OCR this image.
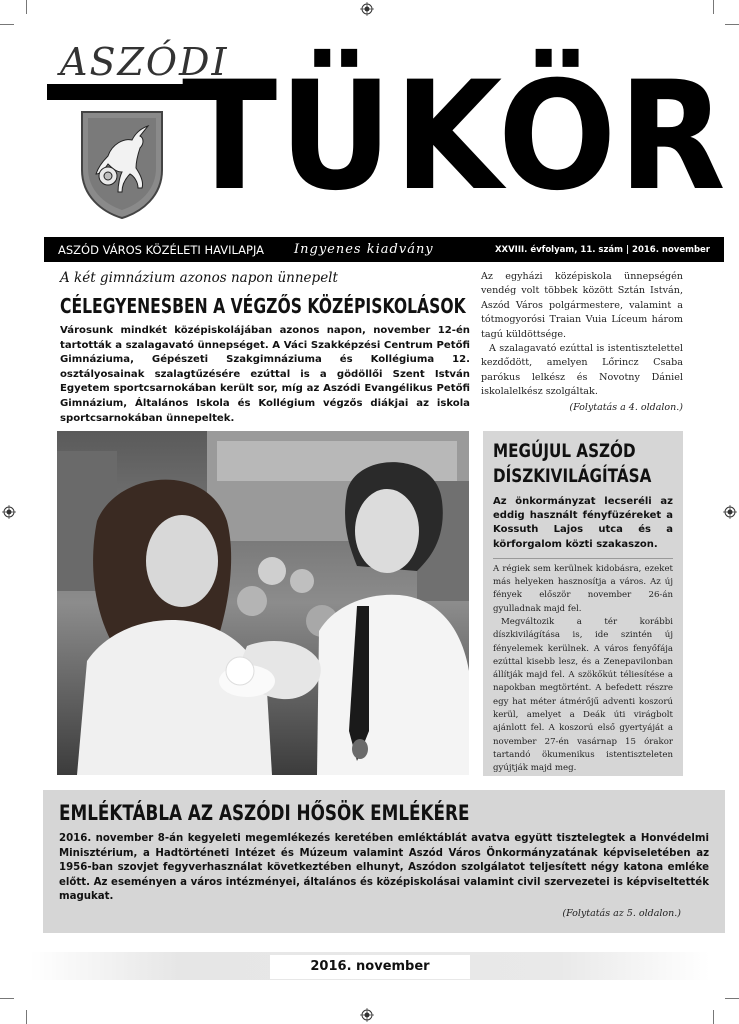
ASZÓDI
TÜKÖR
ASZÓD VÁROS KÖZÉLETI HAVILAPJA	Ingyenes kiadvány	XXVIII. évfolyam, 11. szám | 2016. november
A két gimnázium azonos napon ünnepelt
CÉLEGYENESBEN A VÉGZŐS KÖZÉPISKOLÁSOK
Városunk mindkét középiskolájában azonos napon, november 12-én tartották a szalagavató ünnepséget. A Váci Szakképzési Centrum Petőfi Gimnáziuma, Gépészeti Szakgimnáziuma és Kollégiuma 12. osztályosainak szalagtűzésére ezúttal is a gödöllői Szent István Egyetem sportcsarnokában került sor, míg az Aszódi Evangélikus Petőfi Gimnázium, Általános Iskola és Kollégium végzős diákjai az iskola sportcsarnokában ünnepeltek.

Az egyházi középiskola ünnepségén vendég volt többek között Sztán István, Aszód Város polgármestere, valamint a tótmogyorósi Traian Vuia Líceum három tagú küldöttsége.

A szalagavató ezúttal is istentisztelettel kezdődött, amelyen Lőrincz Csaba parókus lelkész és Novotny Dániel iskolalelkész szolgáltak.

(Folytatás a 4. oldalon.)
MEGÚJUL ASZÓD
DÍSZKIVILÁGÍTÁSA
Az önkormányzat lecseréli az eddig használt fényfüzéreket a Kossuth Lajos utca és a körforgalom közti szakaszon.

A régiek sem kerülnek kidobásra, ezeket más helyeken hasznosítja a város. Az új fények először november 26-án gyulladnak majd fel.

Megváltozik a tér korábbi díszkivilágítása is, ide szintén új fényelemek kerülnek. A város fenyőfája ezúttal kisebb lesz, és a Zenepavilonban állítják majd fel. A szökőkút téliesítése a napokban megtörtént. A befedett részre egy hat méter átmérőjű adventi koszorú kerül, amelyet a Deák úti virágbolt ajánlott fel. A koszorú első gyertyáját a november 27-én vasárnap 15 órakor tartandó ökumenikus istentiszteleten gyújtják majd meg.

EMLÉKTÁBLA AZ ASZÓDI HŐSÖK EMLÉKÉRE
2016. november 8-án kegyeleti megemlékezés keretében emléktáblát avatva együtt tisztelegtek a Honvédelmi Minisztérium, a Hadtörténeti Intézet és Múzeum valamint Aszód Város Önkormányzatának képviseletében az 1956-ban szovjet fegyverhasználat következtében elhunyt, Aszódon szolgálatot teljesített négy katona emléke előtt. Az eseményen a város intézményei, általános és középiskolásai valamint civil szervezetei is képviseltették magukat.
(Folytatás az 5. oldalon.)
2016. november
